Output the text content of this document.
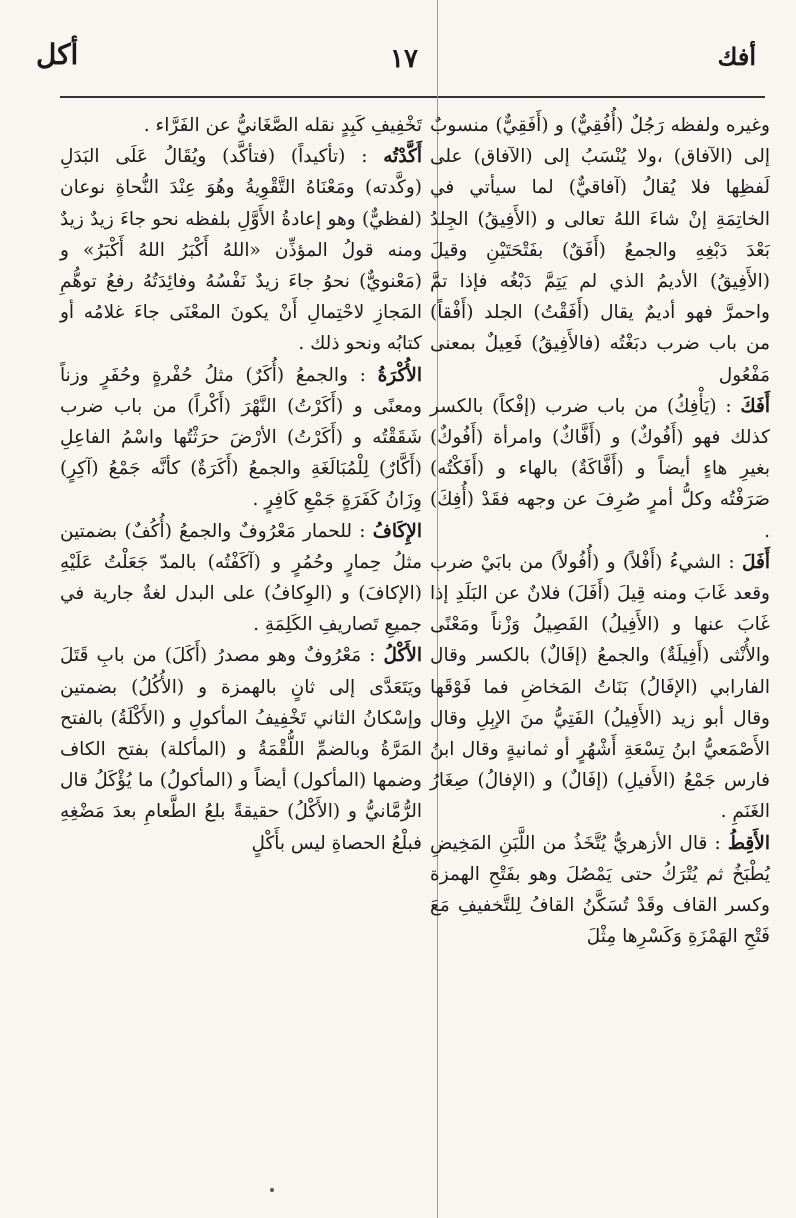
أكل	١٧	أفك

وغيره ولفظه رَجُلٌ (أُفُقِيٌّ) و (أَفَقِيٌّ) منسوبٌ إلى (الآفاق) ،ولا يُنْسَبُ إلى (الآفاق) على لَفظِها فلا يُقالُ (آفاقيٌّ) لما سيأتي في الخاتِمَةِ إنْ شاءَ اللهُ تعالى و (الأَفِيقُ) الجِلدُ بَعْدَ دَبْغِهِ والجمعُ (أَفَقٌ) بفَتْحَتَيْنِ وقيلَ (الأَفِيقُ) الأديمُ الذي لم يَتِمَّ دَبْغُه فإذا تمَّ واحمرَّ فهو أديمٌ يقال (أَفَقْتُ) الجلد (أَفْقاً) من باب ضرب دبَغْتُه (فالأَفِيقُ) فَعِيلٌ بمعنى مَفْعُول

أَفَكَ : (يَأْفِكُ) من باب ضرب (إفْكاً) بالكسر كذلك فهو (أَفُوكٌ) و (أَفَّاكٌ) وامرأة (أَفُوكٌ) بغيرِ هاءٍ أيضاً و (أَفَّاكَةٌ) بالهاء و (أَفَكْتُه) صَرَفْتُه وكلُّ أمرٍ صُرِفَ عن وجهه فقَدْ (أُفِكَ) .

أَفَلَ : الشيءُ (أَفْلاً) و (أُفُولاً) من بابَيْ ضرب وقعد غَابَ ومنه قِيلَ (أَفَلَ) فلانٌ عن البَلَدِ إذا غَابَ عنها و (الأَفِيلُ) الفَصِيلُ وَزْناً ومَعْنًى والأُنْثى (أَفِيلَةٌ) والجمعُ (إفَالٌ) بالكسر وقال الفارابي (الإفَالُ) بَنَاتُ المَخاضِ فما فَوْقَها وقال أبو زيد (الأَفِيلُ) الفَتِيُّ منَ الإبِلِ وقال الأَصْمَعيُّ ابنُ تِسْعَةِ أَشْهُرٍ أو ثمانيةٍ وقال ابنُ فارس جَمْعُ (الأَفيلِ) (إفَالٌ) و (الإفالُ) صِغَارُ الغَنَمِ .

الأَقِطُ : قال الأزهريُّ يُتَّخَذُ من اللَّبَنِ المَخِيضِ يُطْبَخُ ثم يُتْرَكُ حتى يَمْصُلَ وهو بفَتْحِ الهمزة وكسر القاف وقَدْ تُسَكَّنُ القافُ لِلتَّخفيفِ مَعَ فَتْحِ الهَمْزَةِ وَكَسْرِها مِثْلَ

تَخْفِيفِ كَبِدٍ نقله الصَّغَانيُّ عن الفَرَّاء .

أَكَّدْتُه : (تأكيداً) (فتأكَّد) ويُقَالُ عَلَى البَدَلِ (وكَّدته) ومَعْنَاهُ التَّقْوِيةُ وهُوَ عِنْدَ النُّحاةِ نوعان (لفظيٌّ) وهو إعادةُ الأَوَّلِ بلفظه نحو جاءَ زيدٌ زيدٌ ومنه قولُ المؤذِّن «اللهُ أَكْبَرُ اللهُ أَكْبَرُ» و (مَعْنويٌّ) نحوُ جاءَ زيدٌ نَفْسُهُ وفائِدَتُهُ رفعُ توهُّمِ المَجازِ لاحْتِمالِ أَنْ يكونَ المعْنَى جاءَ غلامُه أو كتابُه ونحو ذلك .

الأُكْرَةُ : والجمعُ (أُكَرٌ) مثلُ حُفْرةٍ وحُفَرٍ وزناً ومعنًى و (أَكَرْتُ) النَّهْرَ (أَكْراً) من باب ضرب شَقَقْتُه و (أَكَرْتُ) الأرْضَ حرَثْتُها واسْمُ الفاعِلِ (أَكَّارٌ) لِلْمُبَالَغَةِ والجمعُ (أَكَرَةٌ) كأنَّه جَمْعُ (آكِرٍ) وِزَانُ كَفَرَةٍ جَمْعِ كَافِرٍ .

الإِكَافُ : للحمار مَعْرُوفٌ والجمعُ (أُكُفٌ) بضمتين مثلُ حِمارٍ وحُمُرٍ و (آكَفْتُه) بالمدّ جَعَلْتُ عَلَيْهِ (الإكافَ) و (الوِكافُ) على البدل لغةٌ جارية في جميعِ تَصاريفِ الكَلِمَةِ .

الأَكْلُ : مَعْرُوفٌ وهو مصدرُ (أَكَلَ) من بابِ قَتَلَ ويَتَعَدَّى إلى ثانٍ بالهمزة و (الأُكُلُ) بضمتين وإسْكانُ الثاني تَخْفِيفُ المأكولِ و (الأَكْلَةُ) بالفتح المَرَّةُ وبالضمِّ اللُّقْمَةُ و (المأكلة) بفتح الكاف وضمها (المأكول) أيضاً و (المأكولُ) ما يُؤْكَلُ قال الرُّمَّانيُّ و (الأَكْلُ) حقيقةً بلعُ الطَّعامِ بعدَ مَضْغِهِ فبلْعُ الحصاةِ ليس بأَكْلٍ
